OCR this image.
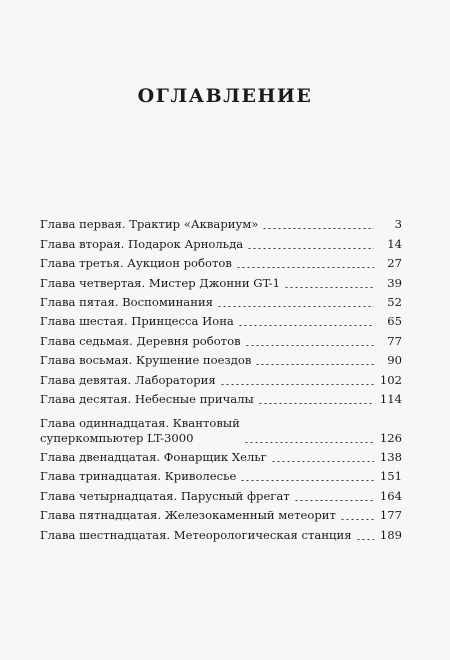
ОГЛАВЛЕНИЕ
Глава первая. Трактир «Аквариум»	3
Глава вторая. Подарок Арнольда	14
Глава третья. Аукцион роботов	27
Глава четвертая. Мистер Джонни GT-1	39
Глава пятая. Воспоминания	52
Глава шестая. Принцесса Иона	65
Глава седьмая. Деревня роботов	77
Глава восьмая. Крушение поездов	90
Глава девятая. Лаборатория	102
Глава десятая. Небесные причалы	114
Глава одиннадцатая. Квантовый
суперкомпьютер LT-3000	126
Глава двенадцатая. Фонарщик Хельг	138
Глава тринадцатая. Криволесье	151
Глава четырнадцатая. Парусный фрегат	164
Глава пятнадцатая. Железокаменный метеорит	177
Глава шестнадцатая. Метеорологическая станция 189
